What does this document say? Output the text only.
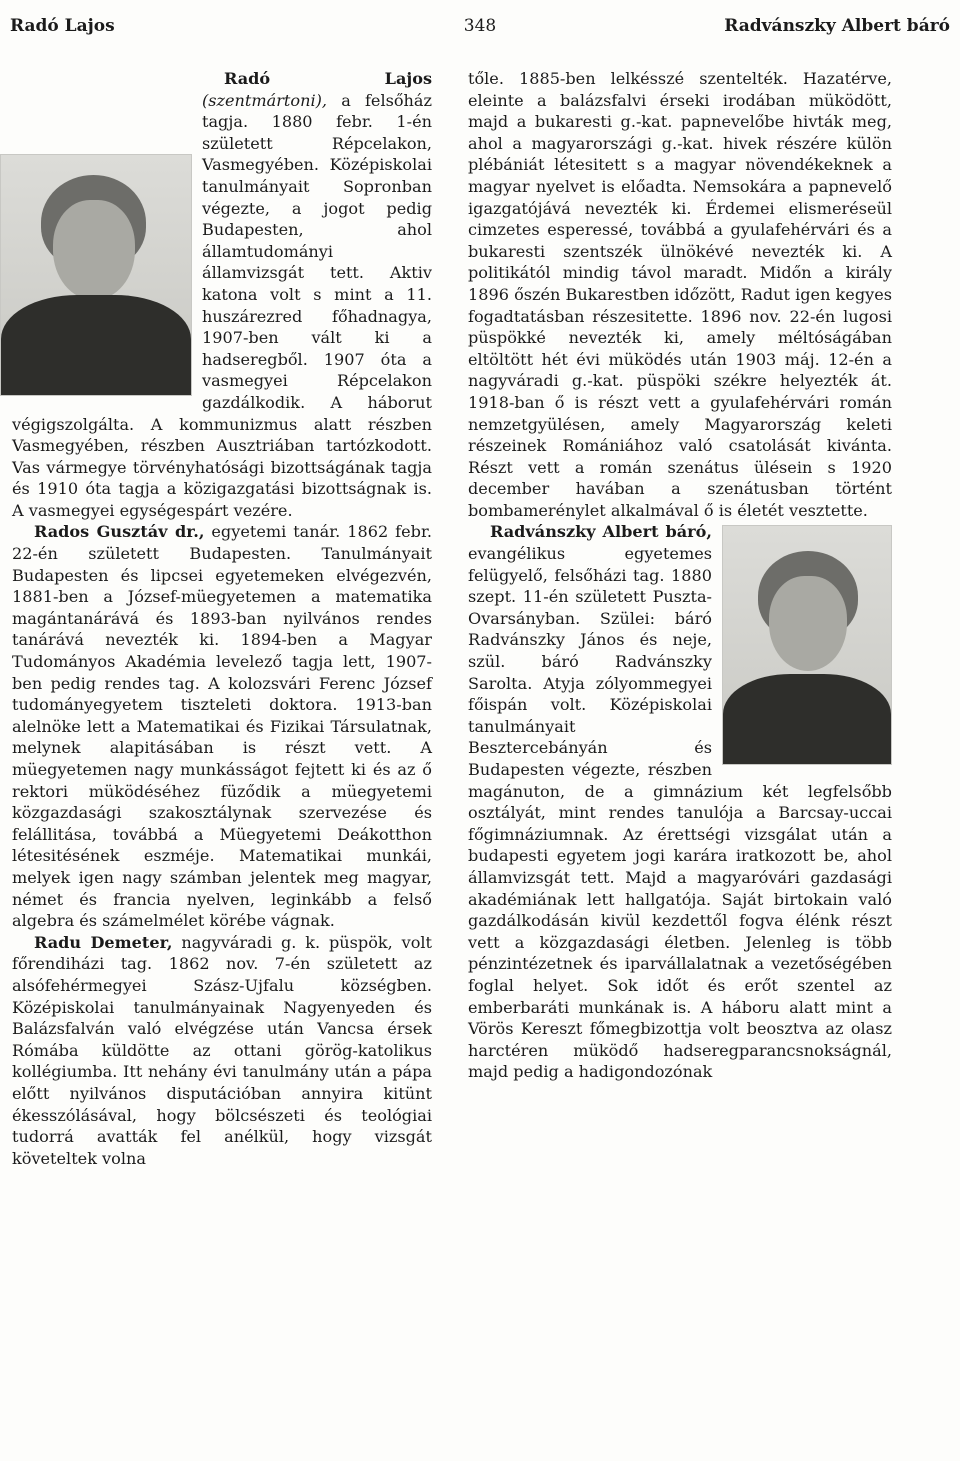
Radó Lajos	348	Radvánszky Albert báró

Radó Lajos (szentmártoni), a felsőház tagja. 1880 febr. 1-én született Répcelakon, Vasmegyében. Középiskolai tanulmányait Sopronban végezte, a jogot pedig Budapesten, ahol államtudományi államvizsgát tett. Aktiv katona volt s mint a 11. huszárezred főhadnagya, 1907-ben vált ki a hadseregből. 1907 óta a vasmegyei Répcelakon gazdálkodik. A háborut végigszolgálta. A kommunizmus alatt részben Vasmegyében, részben Ausztriában tartózkodott. Vas vármegye törvényhatósági bizottságának tagja és 1910 óta tagja a közigazgatási bizottságnak is. A vasmegyei egységespárt vezére.

Rados Gusztáv dr., egyetemi tanár. 1862 febr. 22-én született Budapesten. Tanulmányait Budapesten és lipcsei egyetemeken elvégezvén, 1881-ben a József-müegyetemen a matematika magántanárává és 1893-ban nyilvános rendes tanárává nevezték ki. 1894-ben a Magyar Tudományos Akadémia levelező tagja lett, 1907-ben pedig rendes tag. A kolozsvári Ferenc József tudományegyetem tiszteleti doktora. 1913-ban alelnöke lett a Matematikai és Fizikai Társulatnak, melynek alapitásában is részt vett. A müegyetemen nagy munkásságot fejtett ki és az ő rektori müködéséhez füződik a müegyetemi közgazdasági szakosztálynak szervezése és felállitása, továbbá a Müegyetemi Deákotthon létesitésének eszméje. Matematikai munkái, melyek igen nagy számban jelentek meg magyar, német és francia nyelven, leginkább a felső algebra és számelmélet körébe vágnak.

Radu Demeter, nagyváradi g. k. püspök, volt főrendiházi tag. 1862 nov. 7-én született az alsófehérmegyei Szász-Ujfalu községben. Középiskolai tanulmányainak Nagyenyeden és Balázsfalván való elvégzése után Vancsa érsek Rómába küldötte az ottani görög-katolikus kollégiumba. Itt nehány évi tanulmány után a pápa előtt nyilvános disputációban annyira kitünt ékesszólásával, hogy bölcsészeti és teológiai tudorrá avatták fel anélkül, hogy vizsgát követeltek volna

tőle. 1885-ben lelkésszé szentelték. Hazatérve, eleinte a balázsfalvi érseki irodában müködött, majd a bukaresti g.-kat. papnevelőbe hivták meg, ahol a magyarországi g.-kat. hivek részére külön plébániát létesitett s a magyar növendékeknek a magyar nyelvet is előadta. Nemsokára a papnevelő igazgatójává nevezték ki. Érdemei elismeréseül cimzetes esperessé, továbbá a gyulafehérvári és a bukaresti szentszék ülnökévé nevezték ki. A politikától mindig távol maradt. Midőn a király 1896 őszén Bukarestben időzött, Radut igen kegyes fogadtatásban részesitette. 1896 nov. 22-én lugosi püspökké nevezték ki, amely méltóságában eltöltött hét évi müködés után 1903 máj. 12-én a nagyváradi g.-kat. püspöki székre helyezték át. 1918-ban ő is részt vett a gyulafehérvári román nemzetgyülésen, amely Magyarország keleti részeinek Romániához való csatolását kivánta. Részt vett a román szenátus ülésein s 1920 december havában a szenátusban történt bombamerénylet alkalmával ő is életét vesztette.

Radvánszky Albert báró, evangélikus egyetemes felügyelő, felsőházi tag. 1880 szept. 11-én született Puszta-Ovarsányban. Szülei: báró Radvánszky János és neje, szül. báró Radvánszky Sarolta. Atyja zólyommegyei főispán volt. Középiskolai tanulmányait Besztercebányán és Budapesten végezte, részben magánuton, de a gimnázium két legfelsőbb osztályát, mint rendes tanulója a Barcsay-uccai főgimnáziumnak. Az érettségi vizsgálat után a budapesti egyetem jogi karára iratkozott be, ahol államvizsgát tett. Majd a magyaróvári gazdasági akadémiának lett hallgatója. Saját birtokain való gazdálkodásán kivül kezdettől fogva élénk részt vett a közgazdasági életben. Jelenleg is több pénzintézetnek és iparvállalatnak a vezetőségében foglal helyet. Sok időt és erőt szentel az emberbaráti munkának is. A háboru alatt mint a Vörös Kereszt főmegbizottja volt beosztva az olasz harctéren müködő hadseregparancsnokságnál, majd pedig a hadigondozónak
